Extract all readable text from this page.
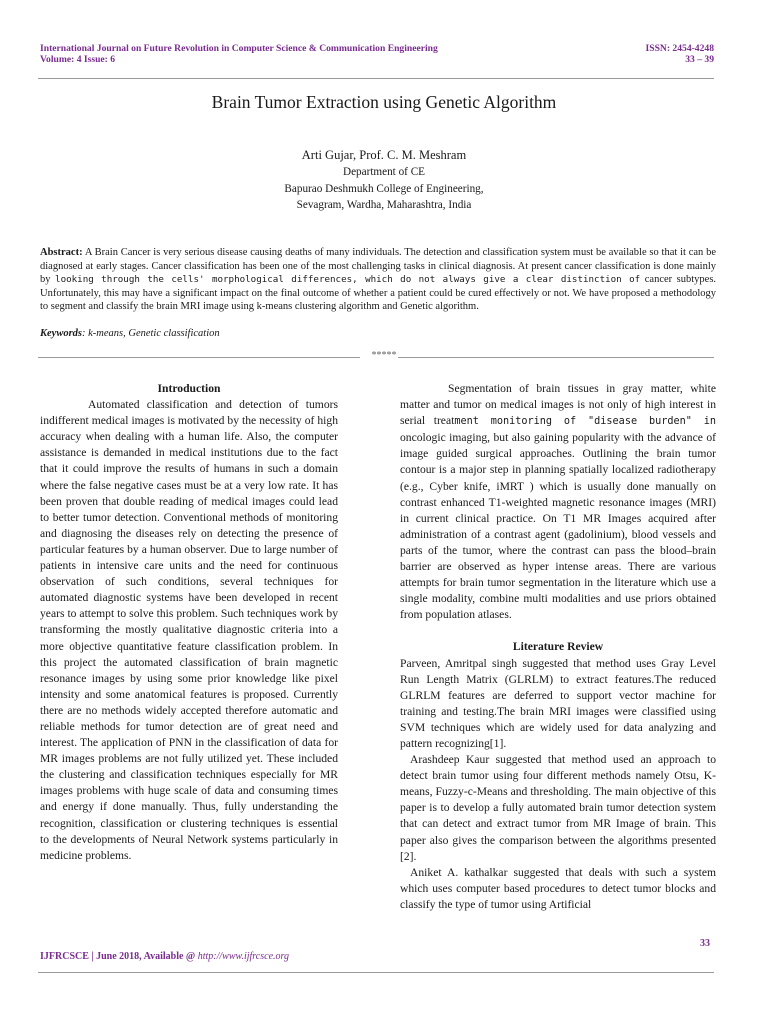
International Journal on Future Revolution in Computer Science & Communication Engineering
Volume: 4 Issue: 6
ISSN: 2454-4248
33 – 39
Brain Tumor Extraction using Genetic Algorithm
Arti Gujar, Prof. C. M. Meshram
Department of CE
Bapurao Deshmukh College of Engineering,
Sevagram, Wardha, Maharashtra, India
Abstract: A Brain Cancer is very serious disease causing deaths of many individuals. The detection and classification system must be available so that it can be diagnosed at early stages. Cancer classification has been one of the most challenging tasks in clinical diagnosis. At present cancer classification is done mainly by looking through the cells' morphological differences, which do not always give a clear distinction of cancer subtypes. Unfortunately, this may have a significant impact on the final outcome of whether a patient could be cured effectively or not. We have proposed a methodology to segment and classify the brain MRI image using k-means clustering algorithm and Genetic algorithm.
Keywords: k-means, Genetic classification
*****
Introduction

Automated classification and detection of tumors indifferent medical images is motivated by the necessity of high accuracy when dealing with a human life. Also, the computer assistance is demanded in medical institutions due to the fact that it could improve the results of humans in such a domain where the false negative cases must be at a very low rate. It has been proven that double reading of medical images could lead to better tumor detection. Conventional methods of monitoring and diagnosing the diseases rely on detecting the presence of particular features by a human observer. Due to large number of patients in intensive care units and the need for continuous observation of such conditions, several techniques for automated diagnostic systems have been developed in recent years to attempt to solve this problem. Such techniques work by transforming the mostly qualitative diagnostic criteria into a more objective quantitative feature classification problem. In this project the automated classification of brain magnetic resonance images by using some prior knowledge like pixel intensity and some anatomical features is proposed. Currently there are no methods widely accepted therefore automatic and reliable methods for tumor detection are of great need and interest. The application of PNN in the classification of data for MR images problems are not fully utilized yet. These included the clustering and classification techniques especially for MR images problems with huge scale of data and consuming times and energy if done manually. Thus, fully understanding the recognition, classification or clustering techniques is essential to the developments of Neural Network systems particularly in medicine problems.

Segmentation of brain tissues in gray matter, white matter and tumor on medical images is not only of high interest in serial treatment monitoring of "disease burden" in oncologic imaging, but also gaining popularity with the advance of image guided surgical approaches. Outlining the brain tumor contour is a major step in planning spatially localized radiotherapy (e.g., Cyber knife, iMRT ) which is usually done manually on contrast enhanced T1-weighted magnetic resonance images (MRI) in current clinical practice. On T1 MR Images acquired after administration of a contrast agent (gadolinium), blood vessels and parts of the tumor, where the contrast can pass the blood–brain barrier are observed as hyper intense areas. There are various attempts for brain tumor segmentation in the literature which use a single modality, combine multi modalities and use priors obtained from population atlases.

Literature Review

Parveen, Amritpal singh suggested that method uses Gray Level Run Length Matrix (GLRLM) to extract features.The reduced GLRLM features are deferred to support vector machine for training and testing.The brain MRI images were classified using SVM techniques which are widely used for data analyzing and pattern recognizing[1].

Arashdeep Kaur suggested that method used an approach to detect brain tumor using four different methods namely Otsu, K-means, Fuzzy-c-Means and thresholding. The main objective of this paper is to develop a fully automated brain tumor detection system that can detect and extract tumor from MR Image of brain. This paper also gives the comparison between the algorithms presented [2].

Aniket A. kathalkar suggested that deals with such a system which uses computer based procedures to detect tumor blocks and classify the type of tumor using Artificial

33
IJFRCSCE | June 2018, Available @ http://www.ijfrcsce.org
